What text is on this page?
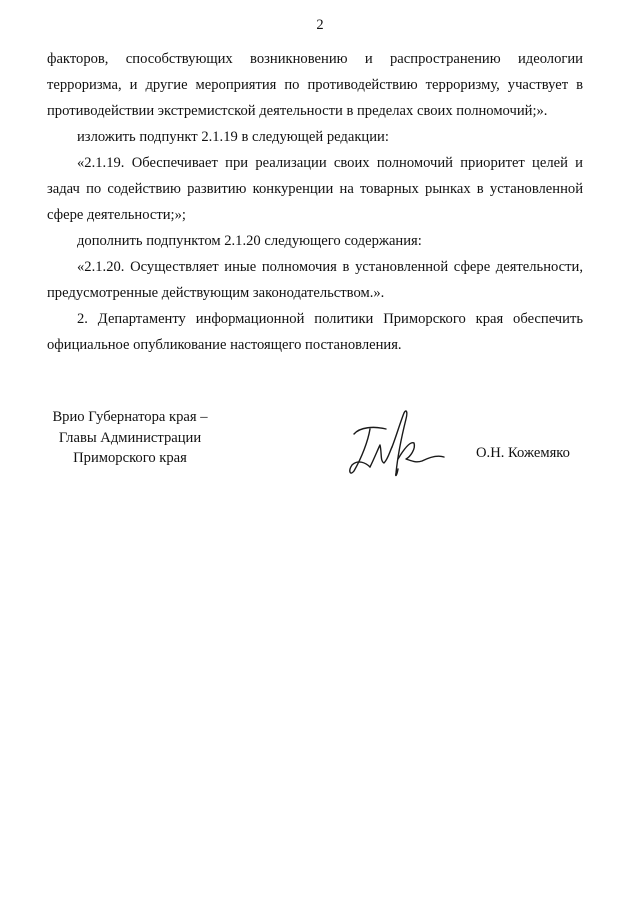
2

факторов, способствующих возникновению и распространению идеологии терроризма, и другие мероприятия по противодействию терроризму, участвует в противодействии экстремистской деятельности в пределах своих полномочий;».

изложить подпункт 2.1.19 в следующей редакции:

«2.1.19. Обеспечивает при реализации своих полномочий приоритет целей и задач по содействию развитию конкуренции на товарных рынках в установленной сфере деятельности;»;

дополнить подпунктом 2.1.20 следующего содержания:

«2.1.20. Осуществляет иные полномочия в установленной сфере деятельности, предусмотренные действующим законодательством.».

2. Департаменту информационной политики Приморского края обеспечить официальное опубликование настоящего постановления.

Врио Губернатора края –
Главы Администрации
Приморского края	О.Н. Кожемяко
